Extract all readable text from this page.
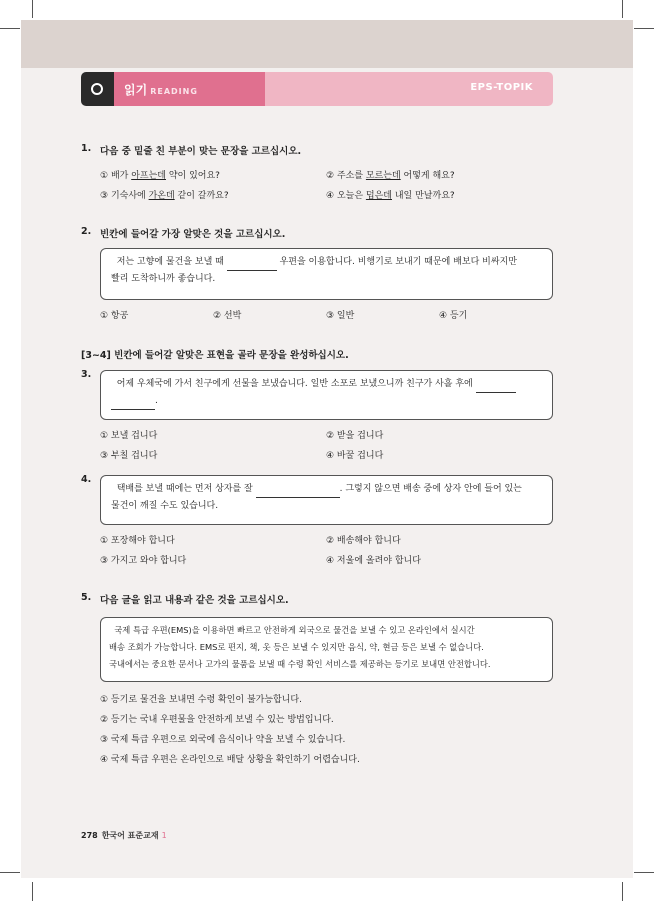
읽기 READING	EPS-TOPIK
1. 다음 중 밑줄 친 부분이 맞는 문장을 고르십시오.
① 배가 아프는데 약이 있어요?	② 주소를 모르는데 어떻게 해요?
③ 기숙사에 가온데 같이 갈까요?	④ 오늘은 덥은데 내일 만날까요?
2. 빈칸에 들어갈 가장 알맞은 것을 고르십시오.
저는 고향에 물건을 보낼 때	우편을 이용합니다. 비행기로 보내기 때문에 배보다 비싸지만
빨리 도착하니까 좋습니다.
① 항공	② 선박	③ 일반	④ 등기
[3~4] 빈칸에 들어갈 알맞은 표현을 골라 문장을 완성하십시오.
3.
어제 우체국에 가서 친구에게 선물을 보냈습니다. 일반 소포로 보냈으니까 친구가 사흘 후에
.
① 보낼 겁니다	② 받을 겁니다
③ 부칠 겁니다	④ 바꿀 겁니다
4.
택배를 보낼 때에는 먼저 상자를 잘	. 그렇지 않으면 배송 중에 상자 안에 들어 있는
물건이 깨질 수도 있습니다.
① 포장해야 합니다	② 배송해야 합니다
③ 가지고 와야 합니다	④ 저울에 올려야 합니다
5. 다음 글을 읽고 내용과 같은 것을 고르십시오.
국제 특급 우편(EMS)을 이용하면 빠르고 안전하게 외국으로 물건을 보낼 수 있고 온라인에서 실시간
배송 조회가 가능합니다. EMS로 편지, 책, 옷 등은 보낼 수 있지만 음식, 약, 현금 등은 보낼 수 없습니다.
국내에서는 중요한 문서나 고가의 물품을 보낼 때 수령 확인 서비스를 제공하는 등기로 보내면 안전합니다.
① 등기로 물건을 보내면 수령 확인이 불가능합니다.
② 등기는 국내 우편물을 안전하게 보낼 수 있는 방법입니다.
③ 국제 특급 우편으로 외국에 음식이나 약을 보낼 수 있습니다.
④ 국제 특급 우편은 온라인으로 배달 상황을 확인하기 어렵습니다.
278 한국어 표준교재 1
